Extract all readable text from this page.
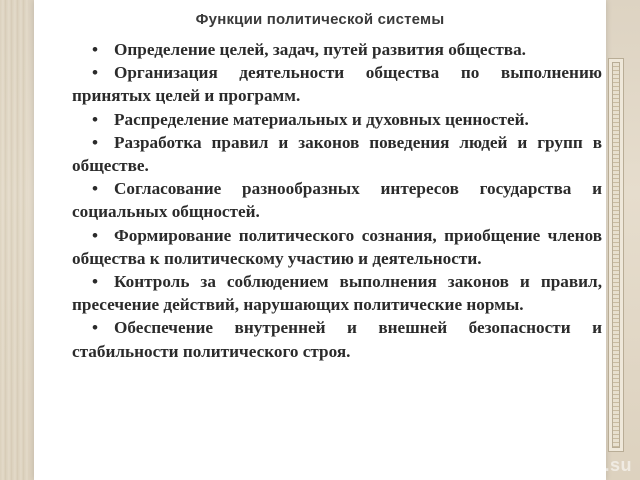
Функции политической системы

• Определение целей, задач, путей развития общества.

• Организация деятельности общества по выполнению принятых целей и программ.

• Распределение материальных и духовных ценностей.

• Разработка правил и законов поведения людей и групп в обществе.

• Согласование разнообразных интересов государства и социальных общностей.

• Формирование политического сознания, приобщение членов общества к политическому участию и деятельности.

• Контроль за соблюдением выполнения законов и правил, пресечение действий, нарушающих политические нормы.

• Обеспечение внутренней и внешней безопасности и стабильности политического строя.

petisovet.su
